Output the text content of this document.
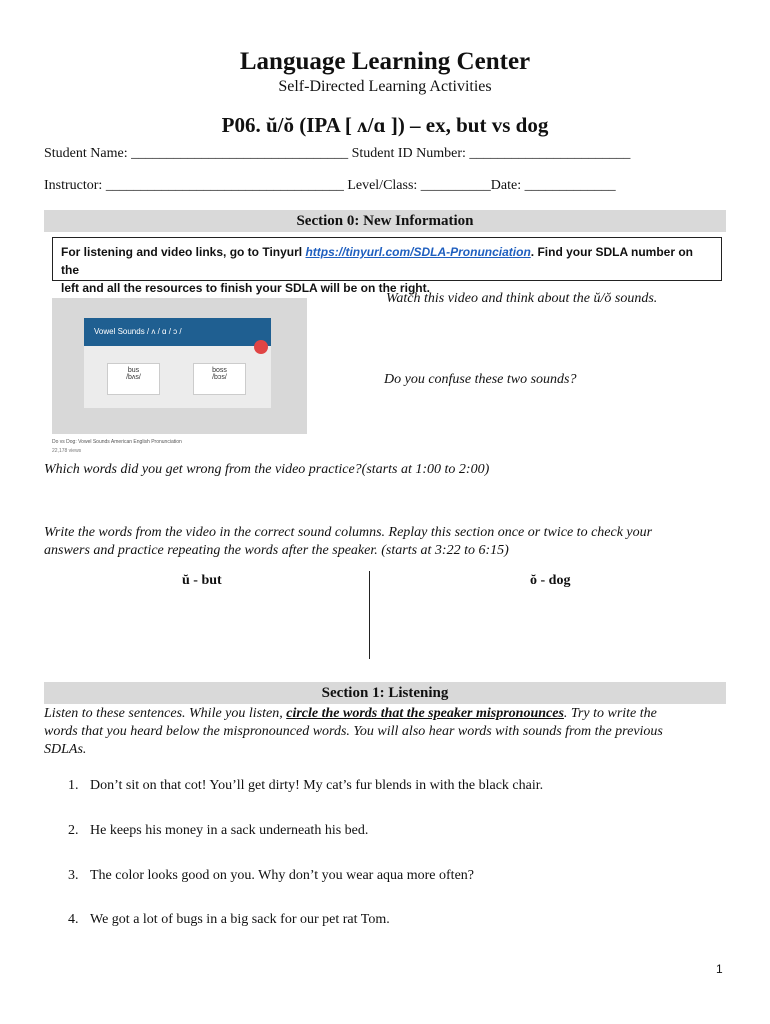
Language Learning Center
Self-Directed Learning Activities
P06. ŭ/ŏ (IPA [ ʌ/ɑ ]) – ex, but vs dog
Student Name: _______________________________ Student ID Number: _______________________
Instructor: __________________________________ Level/Class: __________Date: _____________
Section 0: New Information
For listening and video links, go to Tinyurl https://tinyurl.com/SDLA-Pronunciation. Find your SDLA number on the
left and all the resources to finish your SDLA will be on the right.
Vowel Sounds / ʌ / ɑ / ɔ /
bus
/bʌs/
boss
/bɔs/
Do vs Dog: Vowel Sounds American English Pronunciation
22,178 views
Watch this video and think about the ŭ/ŏ sounds.
Do you confuse these two sounds?
Which words did you get wrong from the video practice?(starts at 1:00 to 2:00)
Write the words from the video in the correct sound columns. Replay this section once or twice to check your
answers and practice repeating the words after the speaker. (starts at 3:22 to 6:15)
ŭ - but	ŏ - dog
Section 1: Listening
Listen to these sentences. While you listen, circle the words that the speaker mispronounces. Try to write the
words that you heard below the mispronounced words. You will also hear words with sounds from the previous
SDLAs.
1. Don’t sit on that cot! You’ll get dirty! My cat’s fur blends in with the black chair.
2. He keeps his money in a sack underneath his bed.
3. The color looks good on you. Why don’t you wear aqua more often?
4. We got a lot of bugs in a big sack for our pet rat Tom.
1
